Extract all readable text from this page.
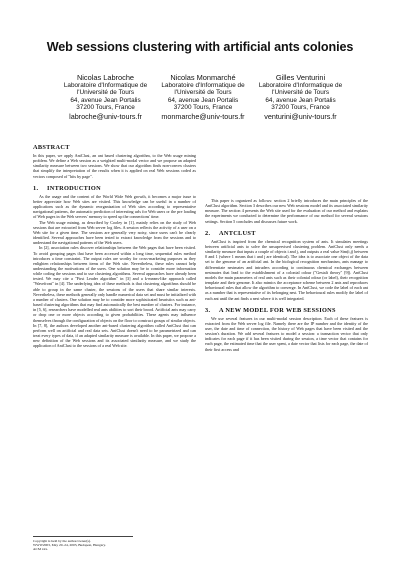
Web sessions clustering with artificial ants colonies
Nicolas Labroche
Laboratoire d'Informatique de l'Université de Tours
64, avenue Jean Portalis
37200 Tours, France
labroche@univ-tours.fr
Nicolas Monmarché
Laboratoire d'Informatique de l'Université de Tours
64, avenue Jean Portalis
37200 Tours, France
monmarche@univ-tours.fr
Gilles Venturini
Laboratoire d'Informatique de l'Université de Tours
64, avenue Jean Portalis
37200 Tours, France
venturini@univ-tours.fr
ABSTRACT

In this paper, we apply AntClust, an ant based clustering algorithm, to the Web usage mining problem. We define a Web session as a weighted multi-modal vector and we propose an adapted similarity measure between two sessions. We show that our algorithm finds non-convex clusters that simplify the interpretation of the results when it is applied on real Web sessions coded as vectors composed of "hits by page".

1. INTRODUCTION

As the usage and the content of the World Wide Web growth, it becomes a major issue to better appreciate how Web sites are visited. This knowledge can be useful in a number of applications such as the dynamic reorganization of Web sites according to representative navigational patterns, the automatic prediction of interesting urls for Web users or the pre loading of Web pages in the Web servers' memory to speed up the connections' time.

The Web usage mining, as described by Cooley in [1], mainly relies on the study of Web sessions that are extracted from Web server log files. A session reflects the activity of a user on a Web site for a given time. The sessions are generally very noisy, since users can't be clearly identified. Several approaches have been tested to extract knowledge from the sessions and to understand the navigational patterns of the Web users.

In [2], association rules discover relationships between the Web pages that have been visited. To avoid grouping pages that have been accessed within a long time, sequential rules method introduces a time constraint. The output rules are worthy for cross-marketing purposes as they enlighten relationships between items of the Web site. Nevertheless, these rules cannot help understanding the motivations of the users. One solution may be to consider more information while coding the sessions and to use clustering algorithms. Several approaches have already been tested. We may cite a "First Leader algorithm" in [3] and a k-means-like approach called "Wavefront" in [4]. The underlying idea of these methods is that clustering algorithms should be able to group in the same cluster, the sessions of the users that share similar interests. Nevertheless, these methods generally only handle numerical data set and must be initialized with a number of clusters. One solution may be to consider more sophisticated heuristics such as ant-based clustering algorithms that may find automatically the best number of clusters. For instance, in [5, 6], researchers have modelled real ants abilities to sort their brood. Artificial ants may carry or drop one or more objects according to given probabilities. These agents may influence themselves through the configuration of objects on the floor to construct groups of similar objects. In [7, 8], the authors developed another ant-based clustering algorithm called AntClust that can perform well on artificial and real data sets. AntClust doesn't need to be parametrized and can treat every types of data, if an adapted similarity measure is available. In this paper, we propose a new definition of the Web sessions and its associated similarity measure, and we study the application of AntClust to the sessions of a real Web site.

This paper is organized as follows: section 2 briefly introduces the main principles of the AntClust algorithm. Section 3 describes our new Web sessions model and its associated similarity measure. The section 4 presents the Web site used for the evaluation of our method and explains the experiments we conducted to determine the performance of our method for several sessions settings. Section 5 concludes and discusses future work.

2. ANTCLUST

AntClust is inspired from the chemical recognition system of ants. It simulates meetings between artificial ants to solve the unsupervised clustering problem. AntClust only needs a similarity measure that inputs a couple of objects i and j, and outputs a real value Sim(i,j) between 0 and 1 (where 1 means that i and j are identical). The idea is to associate one object of the data set to the genome of an artificial ant. In the biological recognition mechanism, ants manage to differentiate nestmates and intruders according to continuous chemical exchanges between nestmates that lead to the establishment of a colonial odour ("Gestalt theory" [9]). AntClust models the main parameters of real ants such as their colonial odour (or label), their recognition template and their genome. It also mimics the acceptance scheme between 2 ants and reproduces behavioural rules that allow the algorithm to converge. In AntClust, we code the label of each ant as a number that is representative of its belonging nest. The behavioural rules modify the label of each ant until the ant finds a nest where it is well integrated.

3. A NEW MODEL FOR WEB SESSIONS

We use several features in our multi-modal session description. Each of these features is extracted from the Web server log file. Namely there are the IP number and the identity of the user, the date and time of connection, the history of Web pages that have been visited and the session's duration. We add several features to model a session: a transaction vector that only indicates for each page if it has been visited during the session, a time vector that contains for each page, the estimated time that the user spent, a date vector that lists for each page, the date of their first access and

Copyright is held by the author/owner(s).
WWW2003, May 20–24, 2003, Budapest, Hungary.
ACM xxx.
